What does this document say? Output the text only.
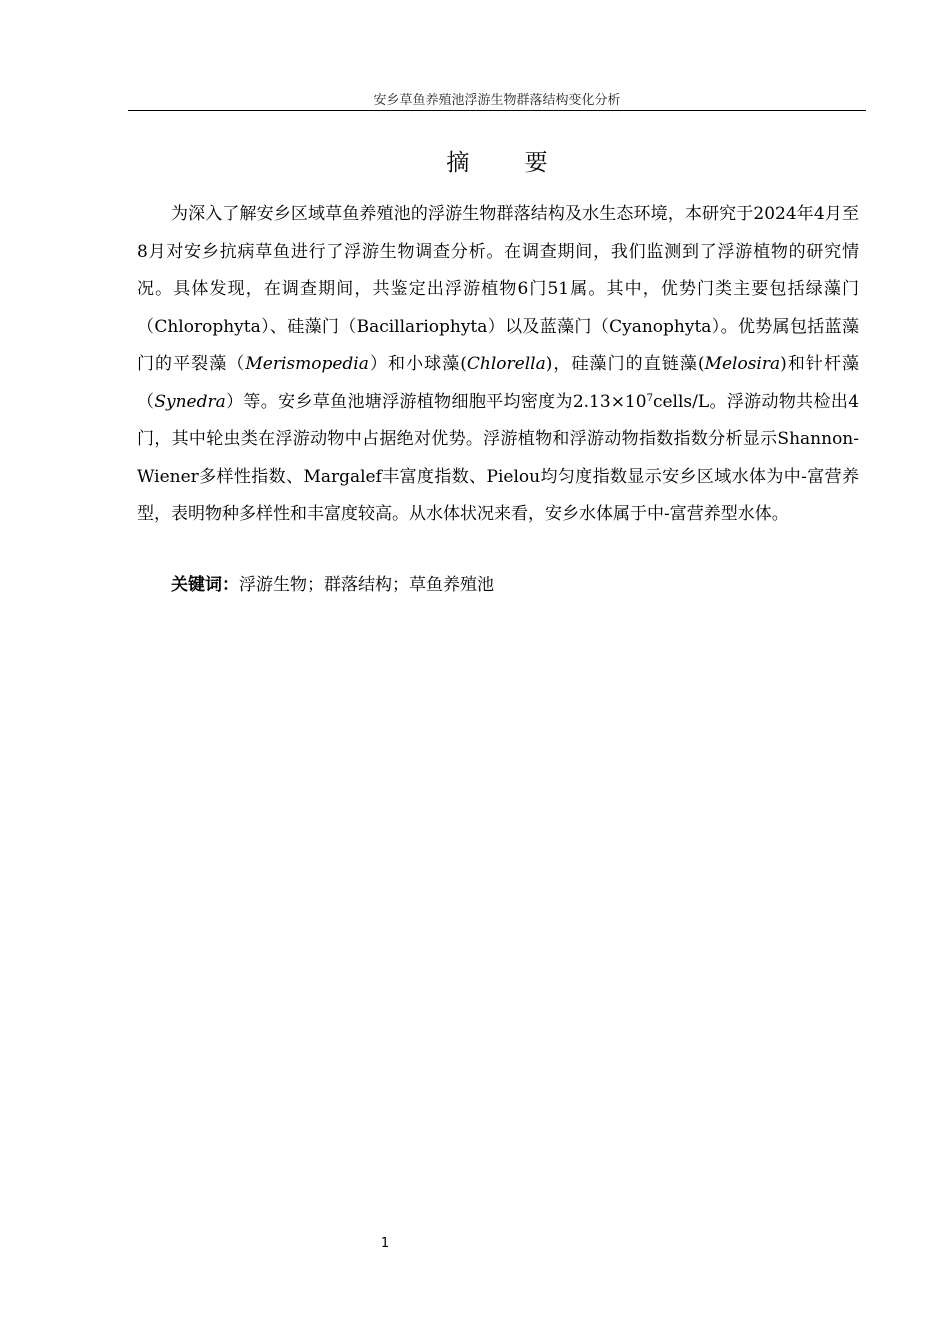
安乡草鱼养殖池浮游生物群落结构变化分析
摘 要

为深入了解安乡区域草鱼养殖池的浮游生物群落结构及水生态环境，本研究于2024年4月至8月对安乡抗病草鱼进行了浮游生物调查分析。在调查期间，我们监测到了浮游植物的研究情况。具体发现，在调查期间，共鉴定出浮游植物6门51属。其中，优势门类主要包括绿藻门（Chlorophyta）、硅藻门（Bacillariophyta）以及蓝藻门（Cyanophyta）。优势属包括蓝藻门的平裂藻（Merismopedia）和小球藻(Chlorella)，硅藻门的直链藻(Melosira)和针杆藻（Synedra）等。安乡草鱼池塘浮游植物细胞平均密度为$2.13\times 10^7cells/L$。浮游动物共检出4门，其中轮虫类在浮游动物中占据绝对优势。浮游植物和浮游动物指数指数分析显示Shannon-Wiener多样性指数、Margalef丰富度指数、Pielou均匀度指数显示安乡区域水体为中-富营养型，表明物种多样性和丰富度较高。从水体状况来看，安乡水体属于中-富营养型水体。

关键词：浮游生物；群落结构；草鱼养殖池

1
